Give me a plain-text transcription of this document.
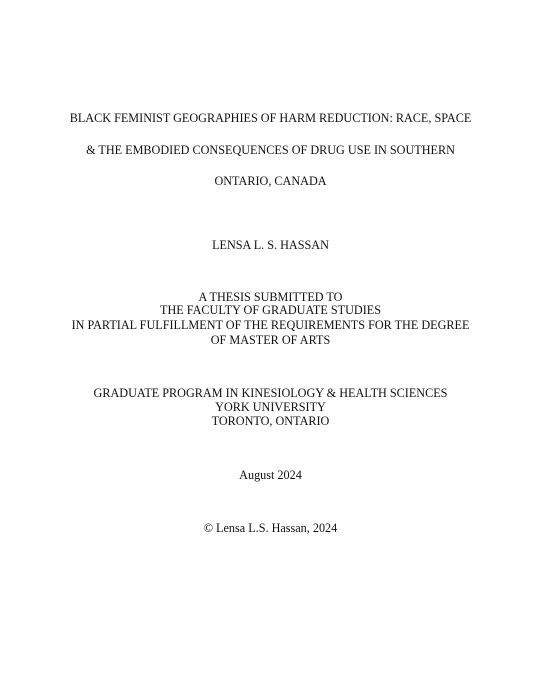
BLACK FEMINIST GEOGRAPHIES OF HARM REDUCTION: RACE, SPACE
& THE EMBODIED CONSEQUENCES OF DRUG USE IN SOUTHERN
ONTARIO, CANADA
LENSA L. S. HASSAN
A THESIS SUBMITTED TO
THE FACULTY OF GRADUATE STUDIES
IN PARTIAL FULFILLMENT OF THE REQUIREMENTS FOR THE DEGREE
OF MASTER OF ARTS
GRADUATE PROGRAM IN KINESIOLOGY & HEALTH SCIENCES
YORK UNIVERSITY
TORONTO, ONTARIO
August 2024
© Lensa L.S. Hassan, 2024
